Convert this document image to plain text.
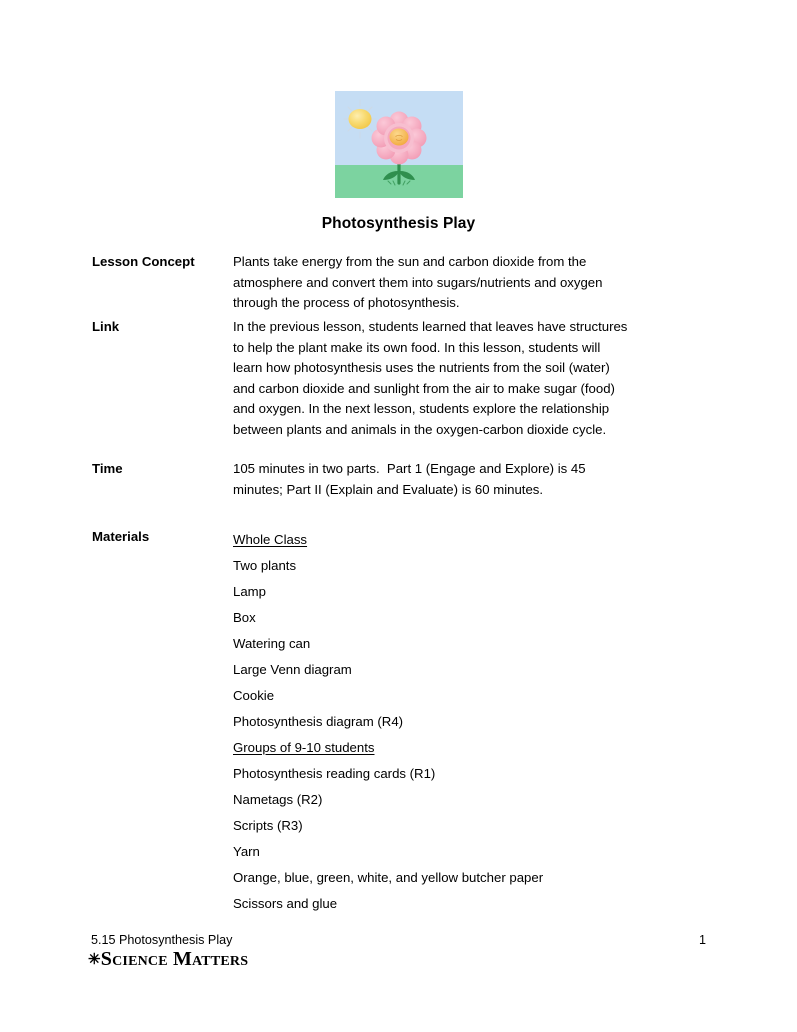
Photosynthesis Play
Lesson Concept	Plants take energy from the sun and carbon dioxide from the
atmosphere and convert them into sugars/nutrients and oxygen
through the process of photosynthesis.
Link	In the previous lesson, students learned that leaves have structures
to help the plant make its own food. In this lesson, students will
learn how photosynthesis uses the nutrients from the soil (water)
and carbon dioxide and sunlight from the air to make sugar (food)
and oxygen. In the next lesson, students explore the relationship
between plants and animals in the oxygen-carbon dioxide cycle.
Time	105 minutes in two parts.  Part 1 (Engage and Explore) is 45
minutes; Part II (Explain and Evaluate) is 60 minutes.
Materials	Whole Class
Two plants
Lamp
Box
Watering can
Large Venn diagram
Cookie
Photosynthesis diagram (R4)
Groups of 9-10 students
Photosynthesis reading cards (R1)
Nametags (R2)
Scripts (R3)
Yarn
Orange, blue, green, white, and yellow butcher paper
Scissors and glue
5.15 Photosynthesis Play	1
✳Science Matters
